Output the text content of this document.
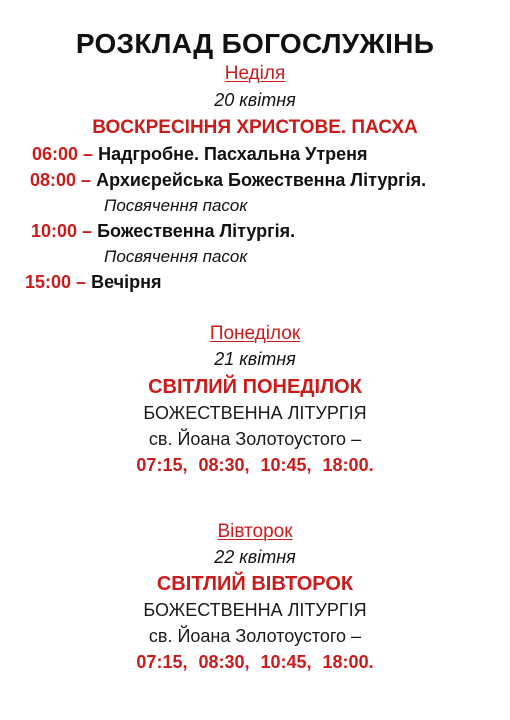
РОЗКЛАД БОГОСЛУЖІНЬ
Неділя
20 квітня
ВОСКРЕСІННЯ ХРИСТОВЕ. ПАСХА
06:00 – Надгробне. Пасхальна Утреня
08:00 – Архиєрейська Божественна Літургія.
Посвячення пасок
10:00 – Божественна Літургія.
Посвячення пасок
15:00 – Вечірня
Понеділок
21 квітня
СВІТЛИЙ ПОНЕДІЛОК
БОЖЕСТВЕННА ЛІТУРГІЯ
св. Йоана Золотоустого –
07:15, 08:30, 10:45, 18:00.
Вівторок
22 квітня
СВІТЛИЙ ВІВТОРОК
БОЖЕСТВЕННА ЛІТУРГІЯ
св. Йоана Золотоустого –
07:15, 08:30, 10:45, 18:00.
